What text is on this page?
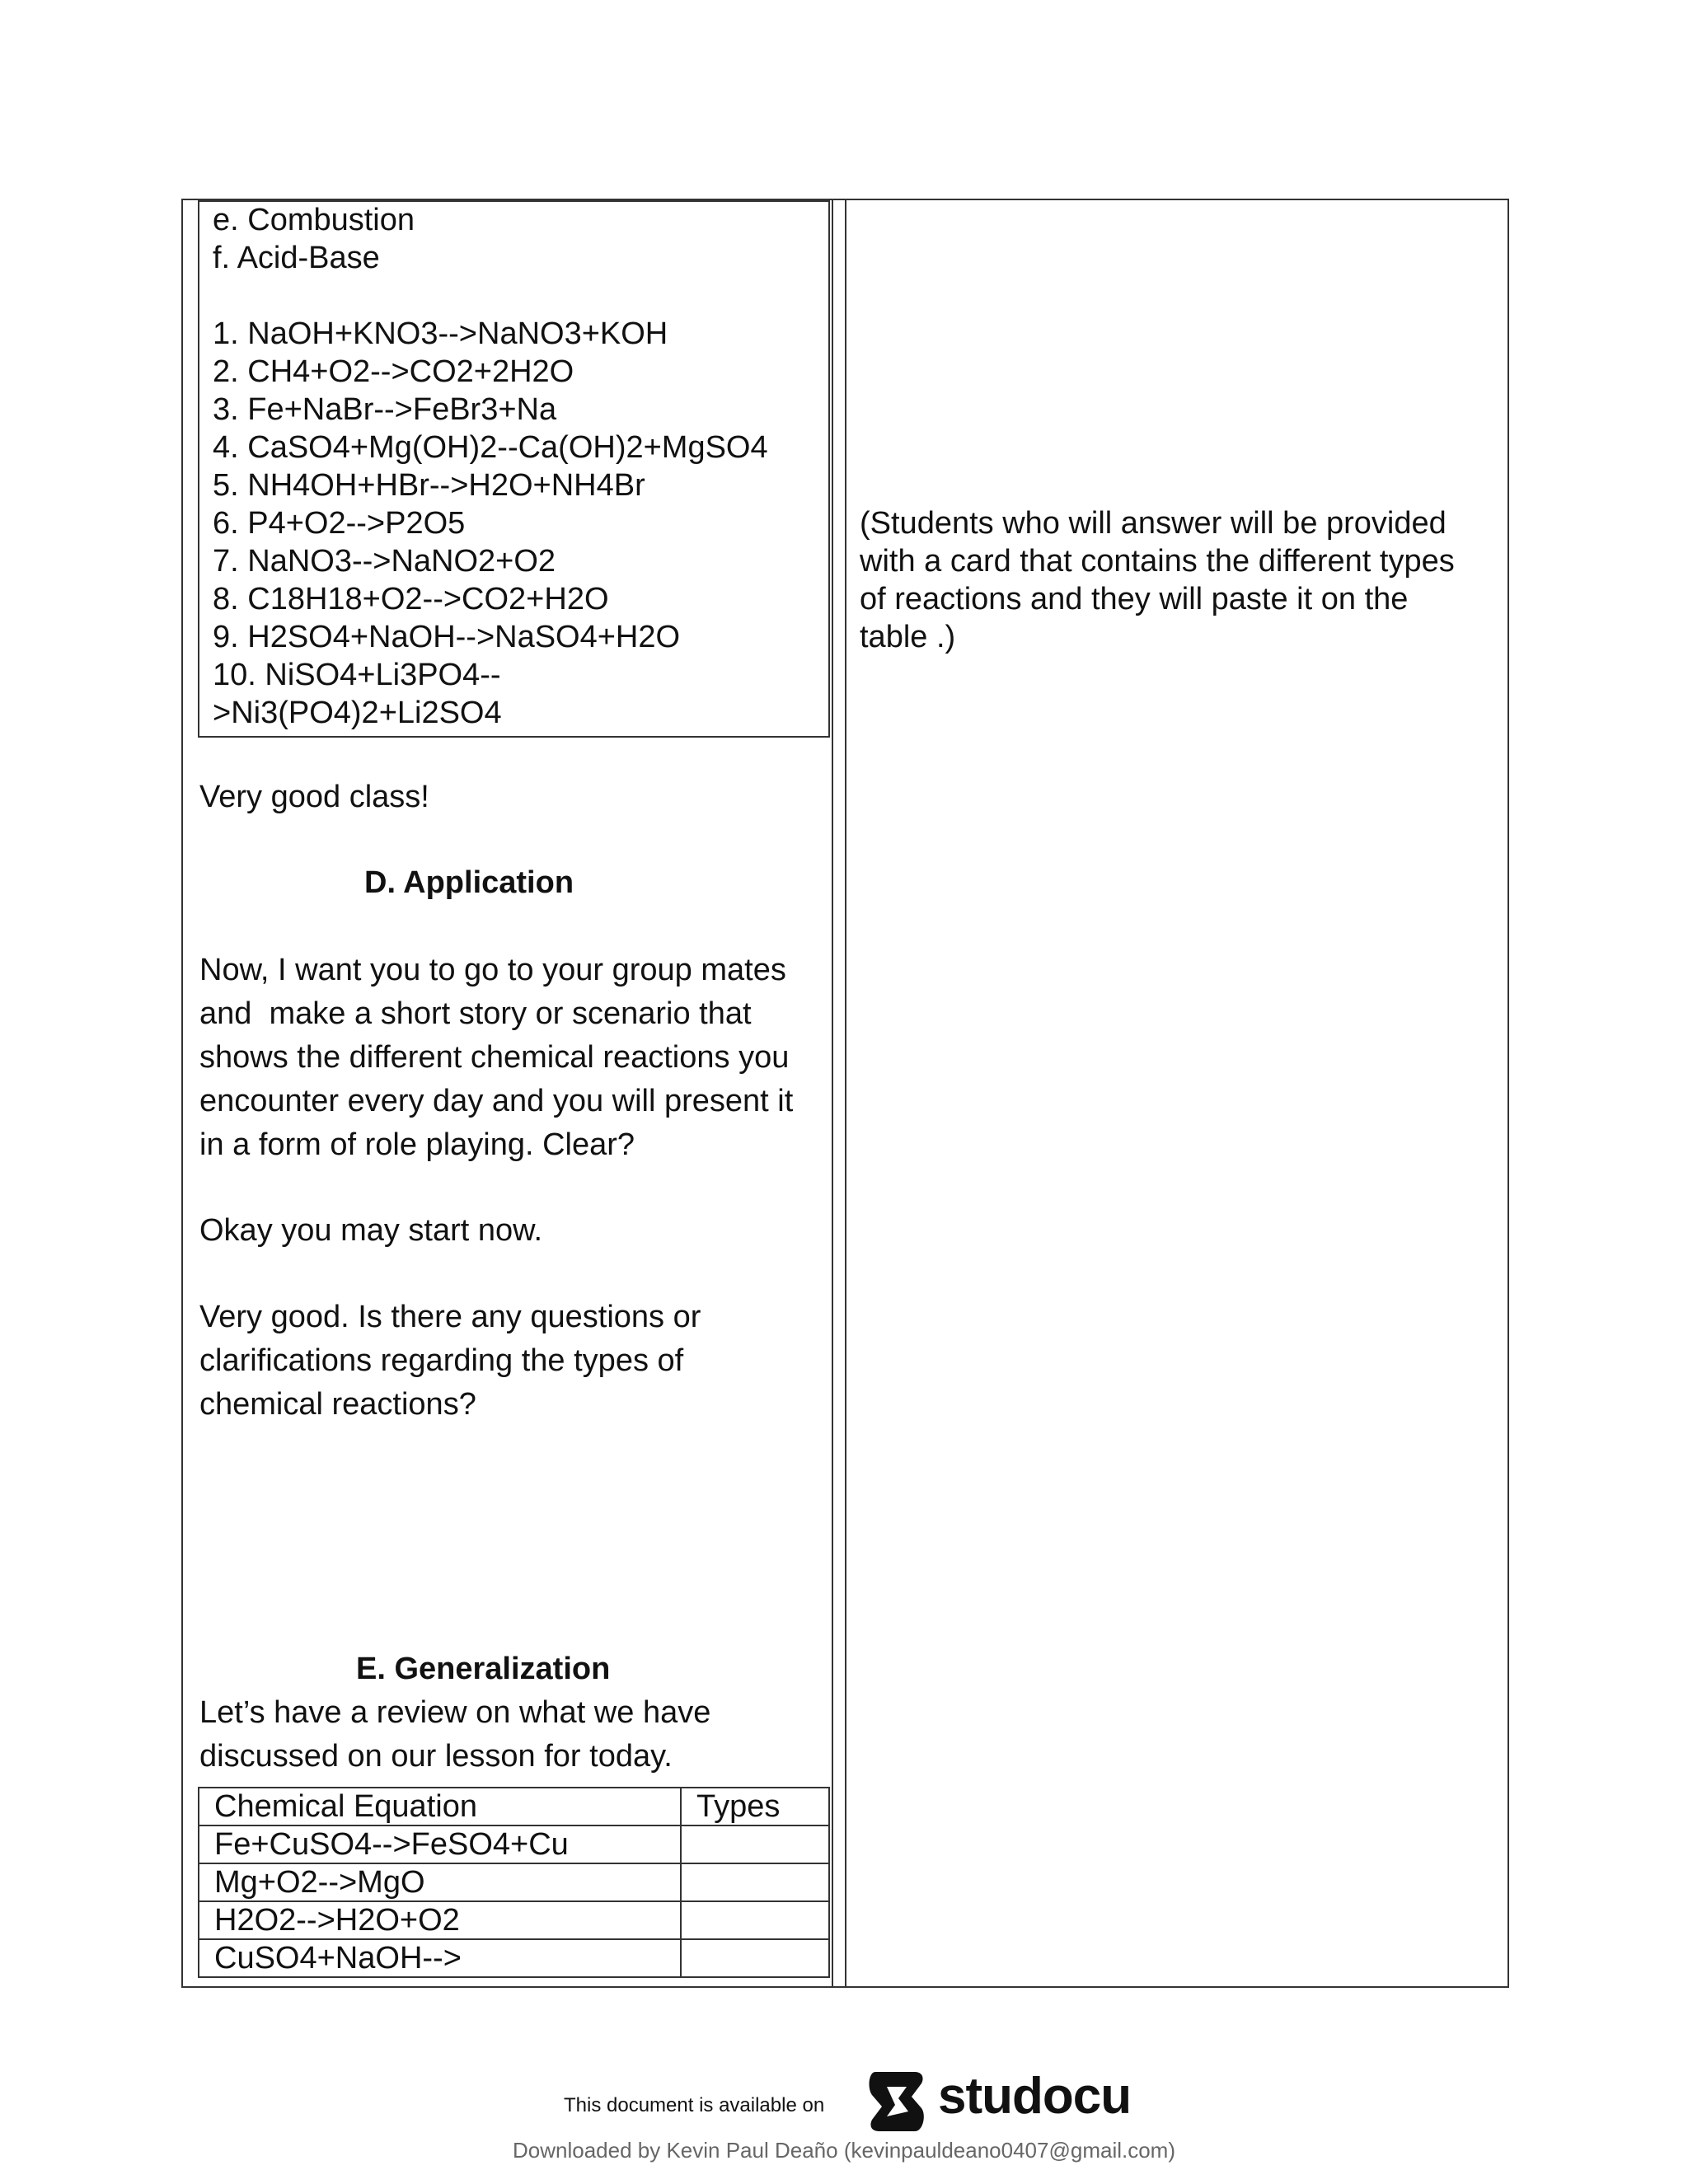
e. Combustion
f. Acid-Base
1. NaOH+KNO3-->NaNO3+KOH
2. CH4+O2-->CO2+2H2O
3. Fe+NaBr-->FeBr3+Na
4. CaSO4+Mg(OH)2--Ca(OH)2+MgSO4
5. NH4OH+HBr-->H2O+NH4Br
6. P4+O2-->P2O5
7. NaNO3-->NaNO2+O2
8. C18H18+O2-->CO2+H2O
9. H2SO4+NaOH-->NaSO4+H2O
10. NiSO4+Li3PO4--
>Ni3(PO4)2+Li2SO4
Very good class!
D. Application
Now, I want you to go to your group mates
and  make a short story or scenario that
shows the different chemical reactions you
encounter every day and you will present it
in a form of role playing. Clear?
Okay you may start now.
Very good. Is there any questions or
clarifications regarding the types of
chemical reactions?
(Students who will answer will be provided
with a card that contains the different types
of reactions and they will paste it on the
table .)
E. Generalization
Let’s have a review on what we have
discussed on our lesson for today.
Chemical Equation	Types
Fe+CuSO4-->FeSO4+Cu	
Mg+O2-->MgO	
H2O2-->H2O+O2	
CuSO4+NaOH-->	
This document is available on studocu
Downloaded by Kevin Paul Deaño (kevinpauldeano0407@gmail.com)
